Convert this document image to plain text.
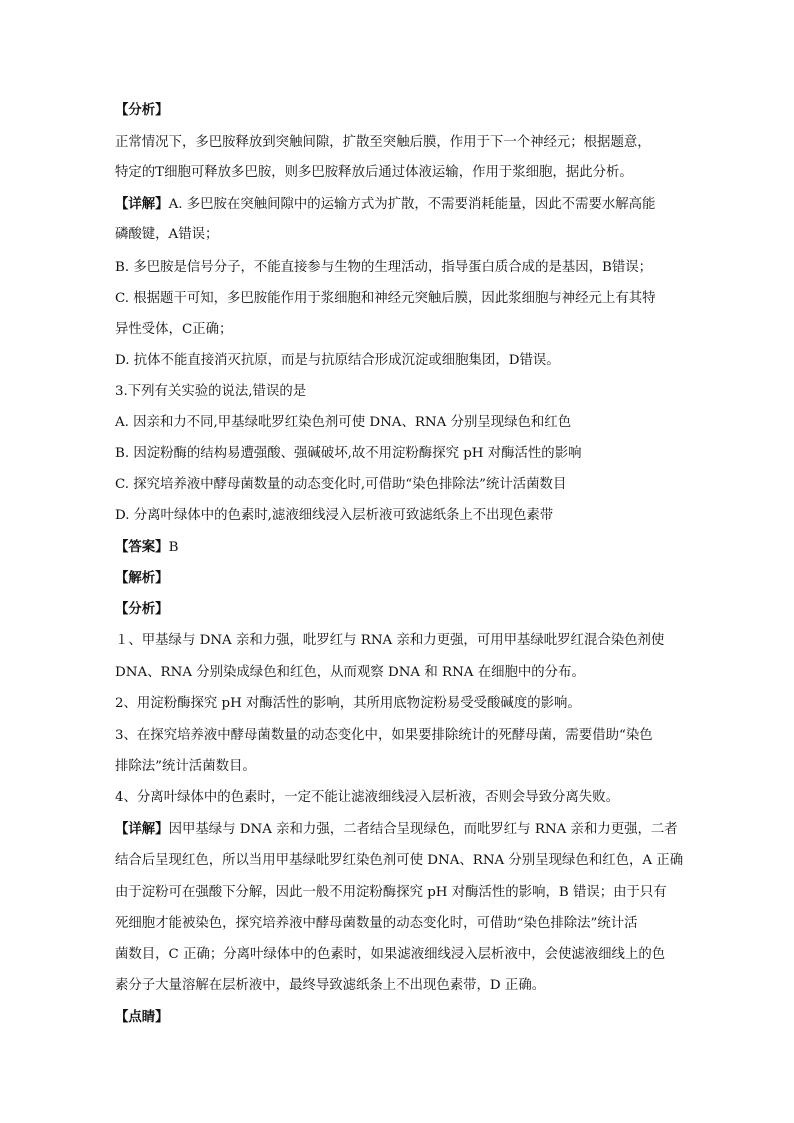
【分析】
正常情况下，多巴胺释放到突触间隙，扩散至突触后膜，作用于下一个神经元；根据题意，
特定的T细胞可释放多巴胺，则多巴胺释放后通过体液运输，作用于浆细胞，据此分析。
【详解】A. 多巴胺在突触间隙中的运输方式为扩散，不需要消耗能量，因此不需要水解高能
磷酸键，A错误；
B. 多巴胺是信号分子，不能直接参与生物的生理活动，指导蛋白质合成的是基因，B错误；
C. 根据题干可知，多巴胺能作用于浆细胞和神经元突触后膜，因此浆细胞与神经元上有其特
异性受体，C正确；
D. 抗体不能直接消灭抗原，而是与抗原结合形成沉淀或细胞集团，D错误。
3.下列有关实验的说法,错误的是
A. 因亲和力不同,甲基绿吡罗红染色剂可使 DNA、RNA 分别呈现绿色和红色
B. 因淀粉酶的结构易遭强酸、强碱破坏,故不用淀粉酶探究 pH 对酶活性的影响
C. 探究培养液中酵母菌数量的动态变化时,可借助“染色排除法”统计活菌数目
D. 分离叶绿体中的色素时,滤液细线浸入层析液可致滤纸条上不出现色素带
【答案】B
【解析】
【分析】
１、甲基绿与 DNA 亲和力强，吡罗红与 RNA 亲和力更强，可用甲基绿吡罗红混合染色剂使
DNA、RNA 分别染成绿色和红色，从而观察 DNA 和 RNA 在细胞中的分布。
2、用淀粉酶探究 pH 对酶活性的影响，其所用底物淀粉易受受酸碱度的影响。
3、在探究培养液中酵母菌数量的动态变化中，如果要排除统计的死酵母菌，需要借助“染色
排除法”统计活菌数目。
4、分离叶绿体中的色素时，一定不能让滤液细线浸入层析液，否则会导致分离失败。
【详解】因甲基绿与 DNA 亲和力强，二者结合呈现绿色，而吡罗红与 RNA 亲和力更强，二者
结合后呈现红色，所以当用甲基绿吡罗红染色剂可使 DNA、RNA 分别呈现绿色和红色，A 正确
由于淀粉可在强酸下分解，因此一般不用淀粉酶探究 pH 对酶活性的影响，B 错误；由于只有
死细胞才能被染色，探究培养液中酵母菌数量的动态变化时，可借助“染色排除法”统计活
菌数目，C 正确；分离叶绿体中的色素时，如果滤液细线浸入层析液中，会使滤液细线上的色
素分子大量溶解在层析液中，最终导致滤纸条上不出现色素带，D 正确。
【点睛】
